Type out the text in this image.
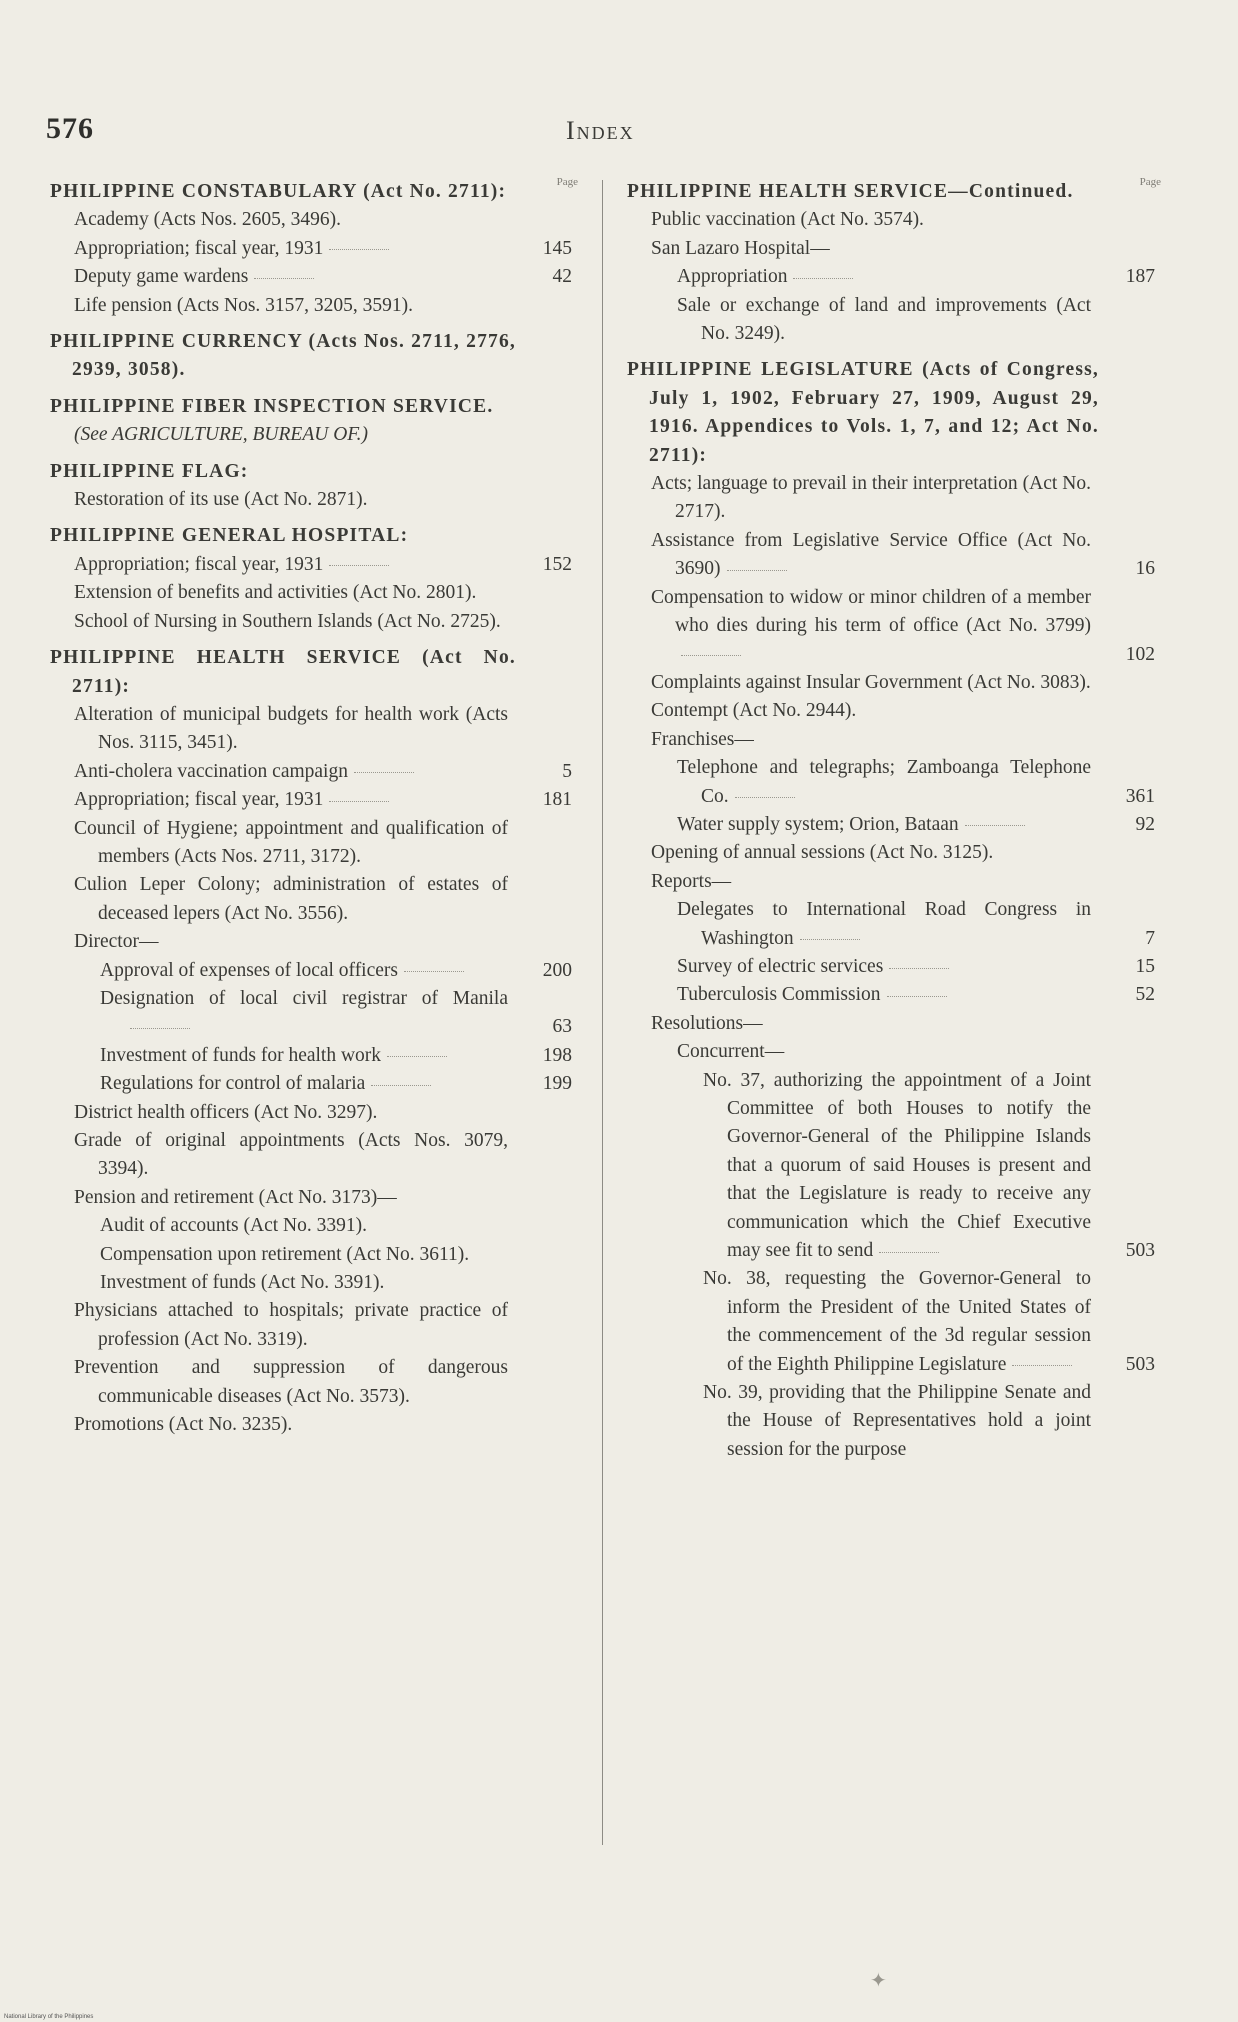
576	Index
Page
PHILIPPINE CONSTABULARY (Act No. 2711):
Academy (Acts Nos. 2605, 3496).
Appropriation; fiscal year, 1931	145
Deputy game wardens	42
Life pension (Acts Nos. 3157, 3205, 3591).
PHILIPPINE CURRENCY (Acts Nos. 2711, 2776, 2939, 3058).
PHILIPPINE FIBER INSPECTION SERVICE.
(See AGRICULTURE, BUREAU OF.)
PHILIPPINE FLAG:
Restoration of its use (Act No. 2871).
PHILIPPINE GENERAL HOSPITAL:
Appropriation; fiscal year, 1931	152
Extension of benefits and activities (Act No. 2801).
School of Nursing in Southern Islands (Act No. 2725).
PHILIPPINE HEALTH SERVICE (Act No. 2711):
Alteration of municipal budgets for health work (Acts Nos. 3115, 3451).
Anti-cholera vaccination campaign	5
Appropriation; fiscal year, 1931	181
Council of Hygiene; appointment and qualification of members (Acts Nos. 2711, 3172).
Culion Leper Colony; administration of estates of deceased lepers (Act No. 3556).
Director—
Approval of expenses of local officers	200
Designation of local civil registrar of Manila
63
Investment of funds for health work	198
Regulations for control of malaria	199
District health officers (Act No. 3297).
Grade of original appointments (Acts Nos. 3079, 3394).
Pension and retirement (Act No. 3173)—
Audit of accounts (Act No. 3391).
Compensation upon retirement (Act No. 3611).
Investment of funds (Act No. 3391).
Physicians attached to hospitals; private practice of profession (Act No. 3319).
Prevention and suppression of dangerous communicable diseases (Act No. 3573).
Promotions (Act No. 3235).
Page
PHILIPPINE HEALTH SERVICE—Continued.
Public vaccination (Act No. 3574).
San Lazaro Hospital—
Appropriation	187
Sale or exchange of land and improvements (Act No. 3249).
PHILIPPINE LEGISLATURE (Acts of Congress, July 1, 1902, February 27, 1909, August 29, 1916. Appendices to Vols. 1, 7, and 12; Act No. 2711):
Acts; language to prevail in their interpretation (Act No. 2717).
Assistance from Legislative Service Office (Act No. 3690)	16
Compensation to widow or minor children of a member who dies during his term of office (Act No. 3799)
102
Complaints against Insular Government (Act No. 3083).
Contempt (Act No. 2944).
Franchises—
Telephone and telegraphs; Zamboanga Telephone Co.	361
Water supply system; Orion, Bataan	92
Opening of annual sessions (Act No. 3125).
Reports—
Delegates to International Road Congress in Washington	7
Survey of electric services	15
Tuberculosis Commission	52
Resolutions—
Concurrent—
No. 37, authorizing the appointment of a Joint Committee of both Houses to notify the Governor-General of the Philippine Islands that a quorum of said Houses is present and that the Legislature is ready to receive any communication which the Chief Executive may see fit to send	503
No. 38, requesting the Governor-General to inform the President of the United States of the commencement of the 3d regular session of the Eighth Philippine Legislature	503
No. 39, providing that the Philippine Senate and the House of Representatives hold a joint session for the purpose
✦
National Library of the Philippines
